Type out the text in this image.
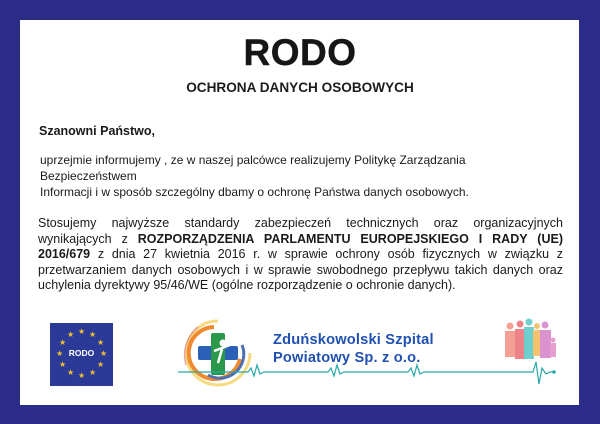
RODO
OCHRONA DANYCH OSOBOWYCH
Szanowni Państwo,
uprzejmie informujemy , ze w naszej palcówce realizujemy Politykę Zarządzania Bezpieczeństwem
Informacji i w sposób szczególny dbamy o ochronę Państwa danych osobowych.
Stosujemy najwyższe standardy zabezpieczeń technicznych oraz organizacyjnych wynikających z ROZPORZĄDZENIA PARLAMENTU EUROPEJSKIEGO I RADY (UE) 2016/679 z dnia 27 kwietnia 2016 r. w sprawie ochrony osób fizycznych w związku z przetwarzaniem danych osobowych i w sprawie swobodnego przepływu takich danych oraz uchylenia dyrektywy 95/46/WE (ogólne rozporządzenie o ochronie danych).
★ ★
★
★
★
★
★
★
★
★
★
★
RODO
Zduńskowolski Szpital
Powiatowy Sp. z o.o.
